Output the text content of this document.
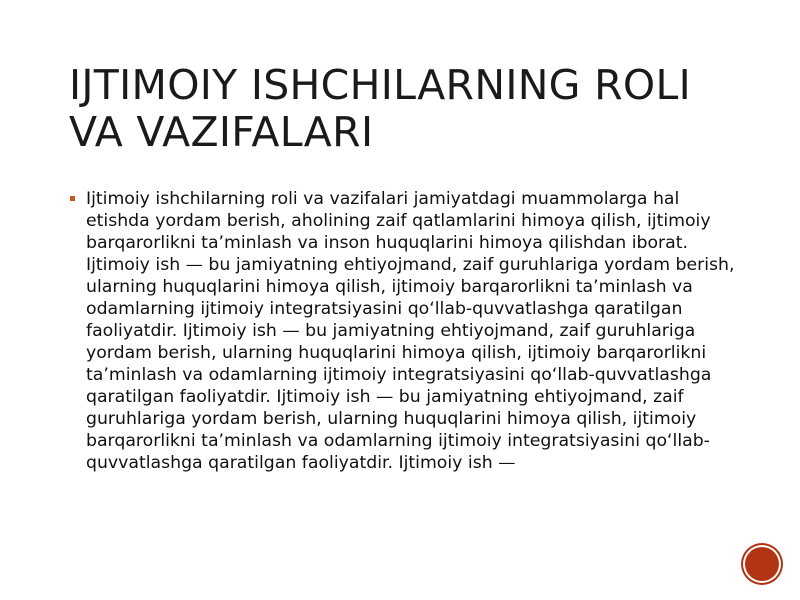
IJTIMOIY ISHCHILARNING ROLI VA VAZIFALARI

Ijtimoiy ishchilarning roli va vazifalari jamiyatdagi muammolarga hal etishda yordam berish, aholining zaif qatlamlarini himoya qilish, ijtimoiy barqarorlikni ta’minlash va inson huquqlarini himoya qilishdan iborat. Ijtimoiy ish — bu jamiyatning ehtiyojmand, zaif guruhlariga yordam berish, ularning huquqlarini himoya qilish, ijtimoiy barqarorlikni ta’minlash va odamlarning ijtimoiy integratsiyasini qo‘llab-quvvatlashga qaratilgan faoliyatdir. Ijtimoiy ish — bu jamiyatning ehtiyojmand, zaif guruhlariga yordam berish, ularning huquqlarini himoya qilish, ijtimoiy barqarorlikni ta’minlash va odamlarning ijtimoiy integratsiyasini qo‘llab-quvvatlashga qaratilgan faoliyatdir. Ijtimoiy ish — bu jamiyatning ehtiyojmand, zaif guruhlariga yordam berish, ularning huquqlarini himoya qilish, ijtimoiy barqarorlikni ta’minlash va odamlarning ijtimoiy integratsiyasini qo‘llab-quvvatlashga qaratilgan faoliyatdir. Ijtimoiy ish —
